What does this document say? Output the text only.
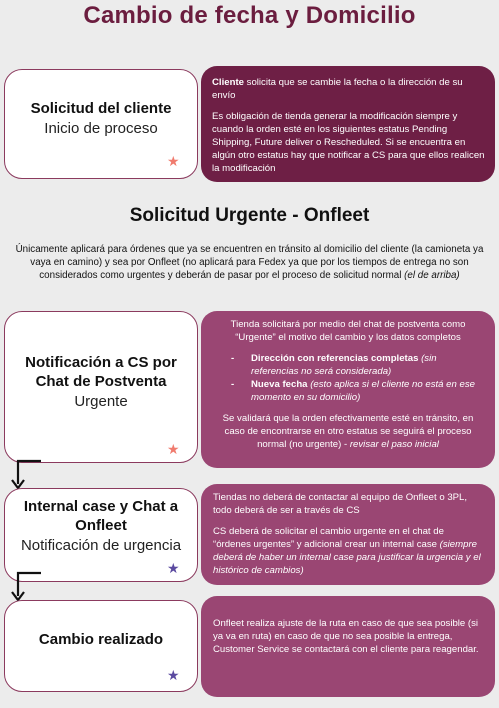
Cambio de fecha y Domicilio
Solicitud del cliente
Inicio de proceso
★

Cliente solicita que se cambie la fecha o la dirección de su envío

Es obligación de tienda generar la modificación siempre y cuando la orden esté en los siguientes estatus Pending Shipping, Future deliver o Rescheduled. Si se encuentra en algún otro estatus hay que notificar a CS para que ellos realicen la modificación

Solicitud Urgente - Onfleet
Únicamente aplicará para órdenes que ya se encuentren en tránsito al domicilio del cliente (la camioneta ya vaya en camino) y sea por Onfleet (no aplicará para Fedex ya que por los tiempos de entrega no son considerados como urgentes y deberán de pasar por el proceso de solicitud normal (el de arriba)
Notificación a CS por Chat de Postventa
Urgente
★

Tienda solicitará por medio del chat de postventa como “Urgente” el motivo del cambio y los datos completos

- Dirección con referencias completas (sin referencias no será considerada)
- Nueva fecha (esto aplica si el cliente no está en ese momento en su domicilio)

Se validará que la orden efectivamente esté en tránsito, en caso de encontrarse en otro estatus se seguirá el proceso normal (no urgente) - revisar el paso inicial

Internal case y Chat a Onfleet
Notificación de urgencia
★

Tiendas no deberá de contactar al equipo de Onfleet o 3PL, todo deberá de ser a través de CS

CS deberá de solicitar el cambio urgente en el chat de “órdenes urgentes” y adicional crear un internal case (siempre deberá de haber un internal case para justificar la urgencia y el histórico de cambios)

Cambio realizado
★

Onfleet realiza ajuste de la ruta en caso de que sea posible (si ya va en ruta) en caso de que no sea posible la entrega, Customer Service se contactará con el cliente para reagendar.
